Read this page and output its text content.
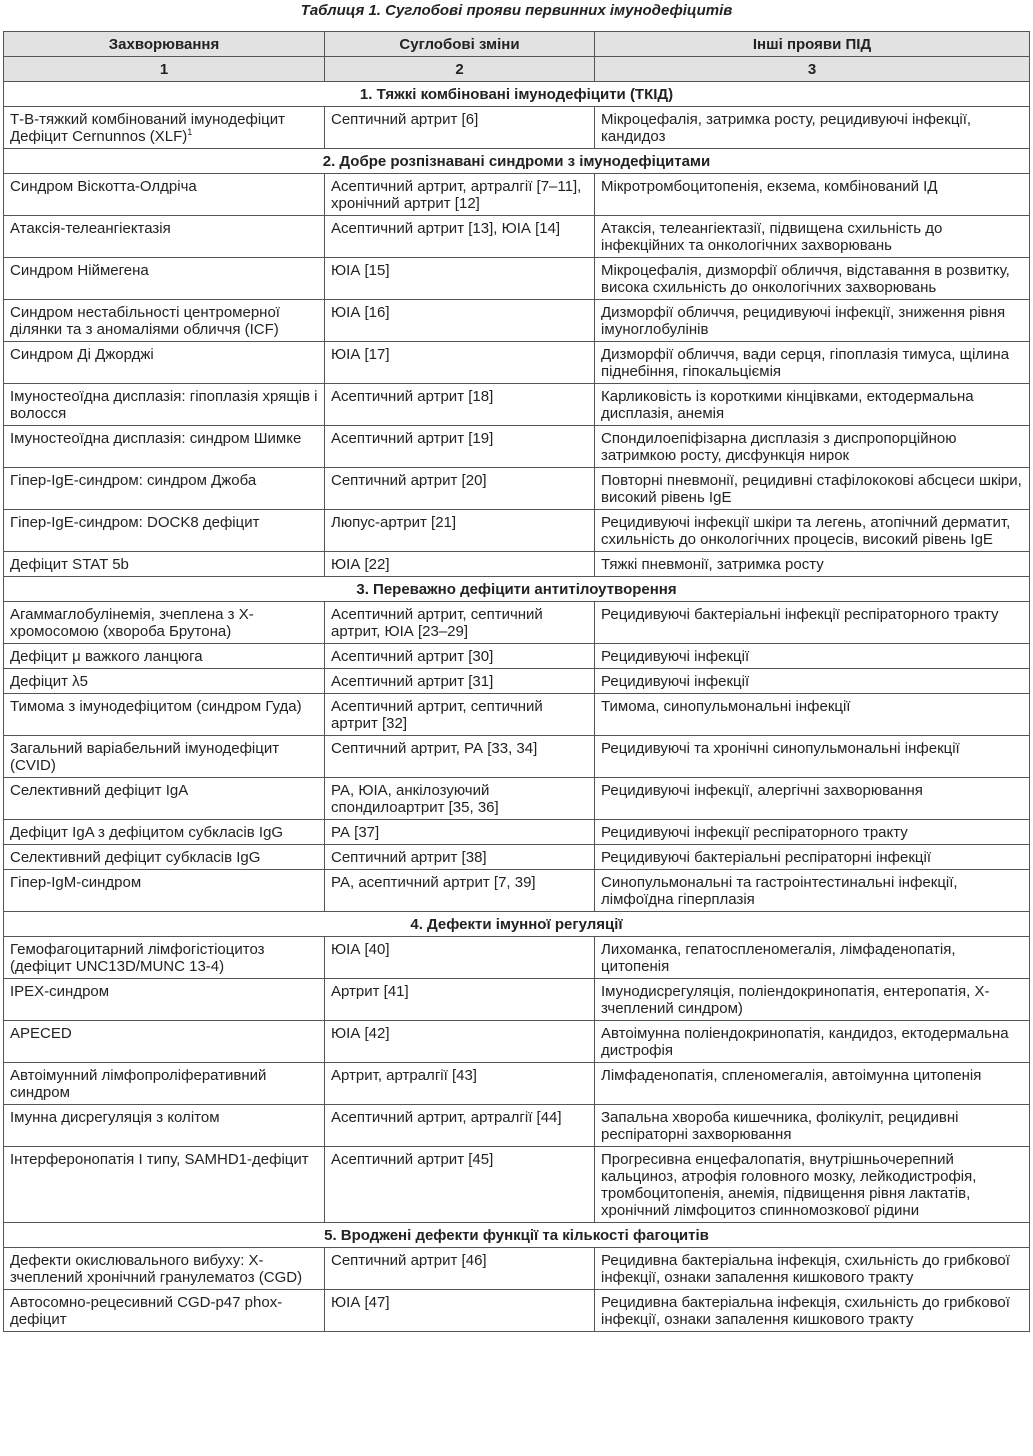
Таблиця 1. Суглобові прояви первинних імунодефіцитів
Захворювання	Суглобові зміни	Інші прояви ПІД
1	2	3
1. Тяжкі комбіновані імунодефіцити (ТКІД)		
Т-В-тяжкий комбінований імунодефіцит Дефіцит Cernunnos (XLF)$^1$	Септичний артрит [6]	Мікроцефалія, затримка росту, рецидивуючі інфекції, кандидоз
2. Добре розпізнавані синдроми з імунодефіцитами		
Синдром Віскотта-Олдріча	Асептичний артрит, артралгії [7–11], хронічний артрит [12]	Мікротромбоцитопенія, екзема, комбінований ІД
Атаксія-телеангіектазія	Асептичний артрит [13], ЮІА [14]	Атаксія, телеангіектазії, підвищена схильність до інфекційних та онкологічних захворювань
Синдром Ніймегена	ЮІА [15]	Мікроцефалія, дизморфії обличчя, відставання в розвитку, висока схильність до онкологічних захворювань
Синдром нестабільності центромерної ділянки та з аномаліями обличчя (ICF)	ЮІА [16]	Дизморфії обличчя, рецидивуючі інфекції, зниження рівня імуноглобулінів
Синдром Ді Джорджі	ЮІА [17]	Дизморфії обличчя, вади серця, гіпоплазія тимуса, щілина піднебіння, гіпокальціємія
Імуностеоїдна дисплазія: гіпоплазія хрящів і волосся	Асептичний артрит [18]	Карликовість із короткими кінцівками, ектодермальна дисплазія, анемія
Імуностеоїдна дисплазія: синдром Шимке	Асептичний артрит [19]	Спондилоепіфізарна дисплазія з диспропорційною затримкою росту, дисфункція нирок
Гіпер-IgE-синдром: синдром Джоба	Септичний артрит [20]	Повторні пневмонії, рецидивні стафілококові абсцеси шкіри, високий рівень IgE
Гіпер-IgE-синдром: DOCK8 дефіцит	Люпус-артрит [21]	Рецидивуючі інфекції шкіри та легень, атопічний дерматит, схильність до онкологічних процесів, високий рівень IgE
Дефіцит STAT 5b	ЮІА [22]	Тяжкі пневмонії, затримка росту
3. Переважно дефіцити антитілоутворення		
Агаммаглобулінемія, зчеплена з Х-хромосомою (хвороба Брутона)	Асептичний артрит, септичний артрит, ЮІА [23–29]	Рецидивуючі бактеріальні інфекції респіраторного тракту
Дефіцит μ важкого ланцюга	Асептичний артрит [30]	Рецидивуючі інфекції
Дефіцит λ5	Асептичний артрит [31]	Рецидивуючі інфекції
Тимома з імунодефіцитом (синдром Гуда)	Асептичний артрит, септичний артрит [32]	Тимома, синопульмональні інфекції
Загальний варіабельний імунодефіцит (CVID)	Септичний артрит, РА [33, 34]	Рецидивуючі та хронічні синопульмональні інфекції
Селективний дефіцит IgA	РА, ЮІА, анкілозуючий спондилоартрит [35, 36]	Рецидивуючі інфекції, алергічні захворювання
Дефіцит IgA з дефіцитом субкласів IgG	РА [37]	Рецидивуючі інфекції респіраторного тракту
Селективний дефіцит субкласів IgG	Септичний артрит [38]	Рецидивуючі бактеріальні респіраторні інфекції
Гіпер-IgM-синдром	РА, асептичний артрит [7, 39]	Синопульмональні та гастроінтестинальні інфекції, лімфоїдна гіперплазія
4. Дефекти імунної регуляції		
Гемофагоцитарний лімфогістіоцитоз (дефіцит UNC13D/MUNC 13-4)	ЮІА [40]	Лихоманка, гепатоспленомегалія, лімфаденопатія, цитопенія
IPEX-синдром	Артрит [41]	Імунодисрегуляція, поліендокринопатія, ентеропатія, Х-зчеплений синдром)
APECED	ЮІА [42]	Автоімунна поліендокринопатія, кандидоз, ектодермальна дистрофія
Автоімунний лімфопроліферативний синдром	Артрит, артралгії [43]	Лімфаденопатія, спленомегалія, автоімунна цитопенія
Імунна дисрегуляція з колітом	Асептичний артрит, артралгії [44]	Запальна хвороба кишечника, фолікуліт, рецидивні респіраторні захворювання
Інтерферонопатія I типу, SAMHD1-дефіцит	Асептичний артрит [45]	Прогресивна енцефалопатія, внутрішньочерепний кальциноз, атрофія головного мозку, лейкодистрофія, тромбоцитопенія, анемія, підвищення рівня лактатів, хронічний лімфоцитоз спинномозкової рідини
5. Вроджені дефекти функції та кількості фагоцитів		
Дефекти окислювального вибуху: Х-зчеплений хронічний гранулематоз (CGD)	Септичний артрит [46]	Рецидивна бактеріальна інфекція, схильність до грибкової інфекції, ознаки запалення кишкового тракту
Автосомно-рецесивний CGD-p47 phox-дефіцит	ЮІА [47]	Рецидивна бактеріальна інфекція, схильність до грибкової інфекції, ознаки запалення кишкового тракту
